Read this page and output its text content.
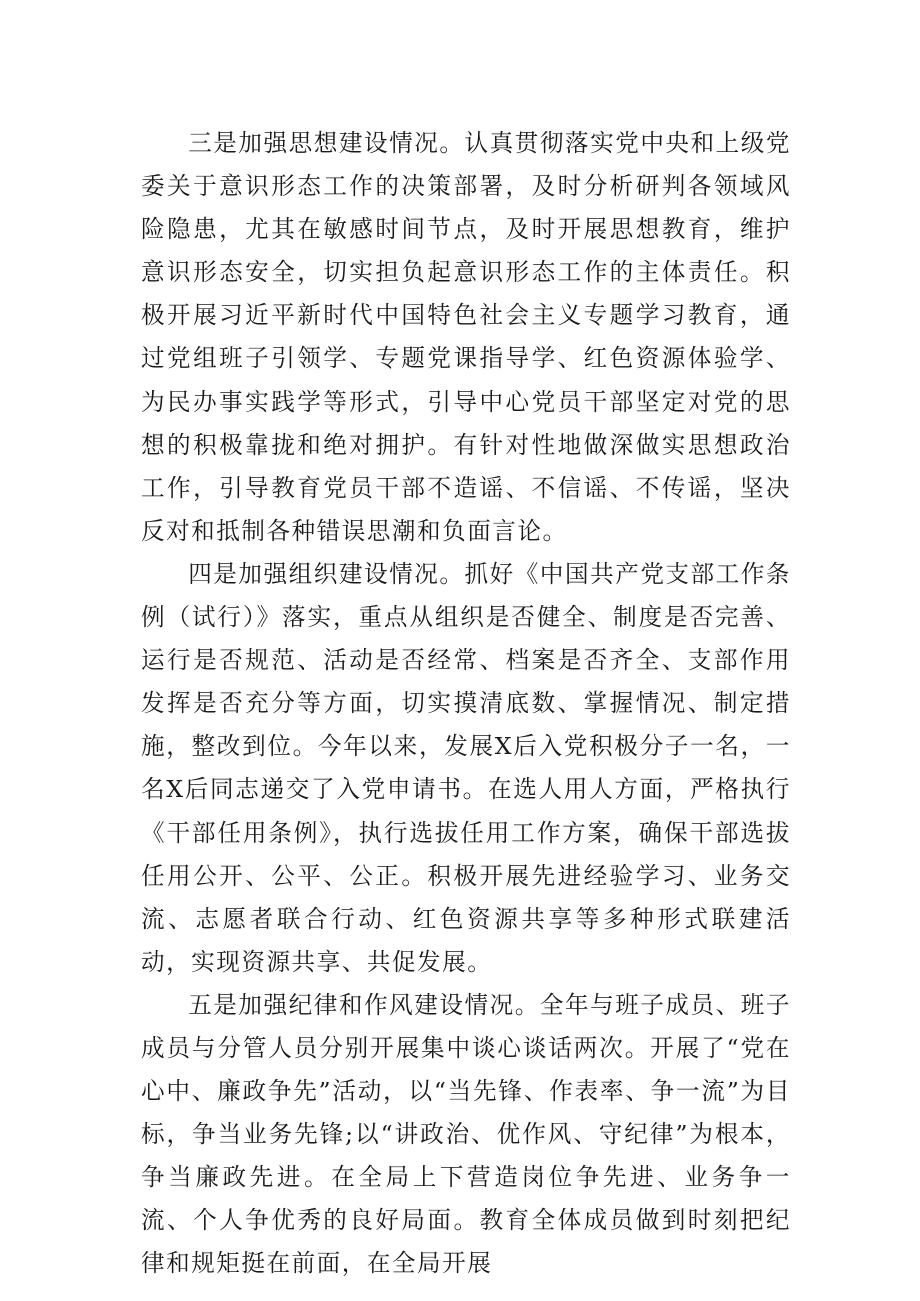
三是加强思想建设情况。认真贯彻落实党中央和上级党委关于意识形态工作的决策部署，及时分析研判各领域风险隐患，尤其在敏感时间节点，及时开展思想教育，维护意识形态安全，切实担负起意识形态工作的主体责任。积极开展习近平新时代中国特色社会主义专题学习教育，通过党组班子引领学、专题党课指导学、红色资源体验学、为民办事实践学等形式，引导中心党员干部坚定对党的思想的积极靠拢和绝对拥护。有针对性地做深做实思想政治工作，引导教育党员干部不造谣、不信谣、不传谣，坚决反对和抵制各种错误思潮和负面言论。

四是加强组织建设情况。抓好《中国共产党支部工作条例（试行）》落实，重点从组织是否健全、制度是否完善、运行是否规范、活动是否经常、档案是否齐全、支部作用发挥是否充分等方面，切实摸清底数、掌握情况、制定措施，整改到位。今年以来，发展X后入党积极分子一名，一名X后同志递交了入党申请书。在选人用人方面，严格执行《干部任用条例》，执行选拔任用工作方案，确保干部选拔任用公开、公平、公正。积极开展先进经验学习、业务交流、志愿者联合行动、红色资源共享等多种形式联建活动，实现资源共享、共促发展。

五是加强纪律和作风建设情况。全年与班子成员、班子成员与分管人员分别开展集中谈心谈话两次。开展了“党在心中、廉政争先”活动，以“当先锋、作表率、争一流”为目标，争当业务先锋;以“讲政治、优作风、守纪律”为根本，争当廉政先进。在全局上下营造岗位争先进、业务争一流、个人争优秀的良好局面。教育全体成员做到时刻把纪律和规矩挺在前面，在全局开展
